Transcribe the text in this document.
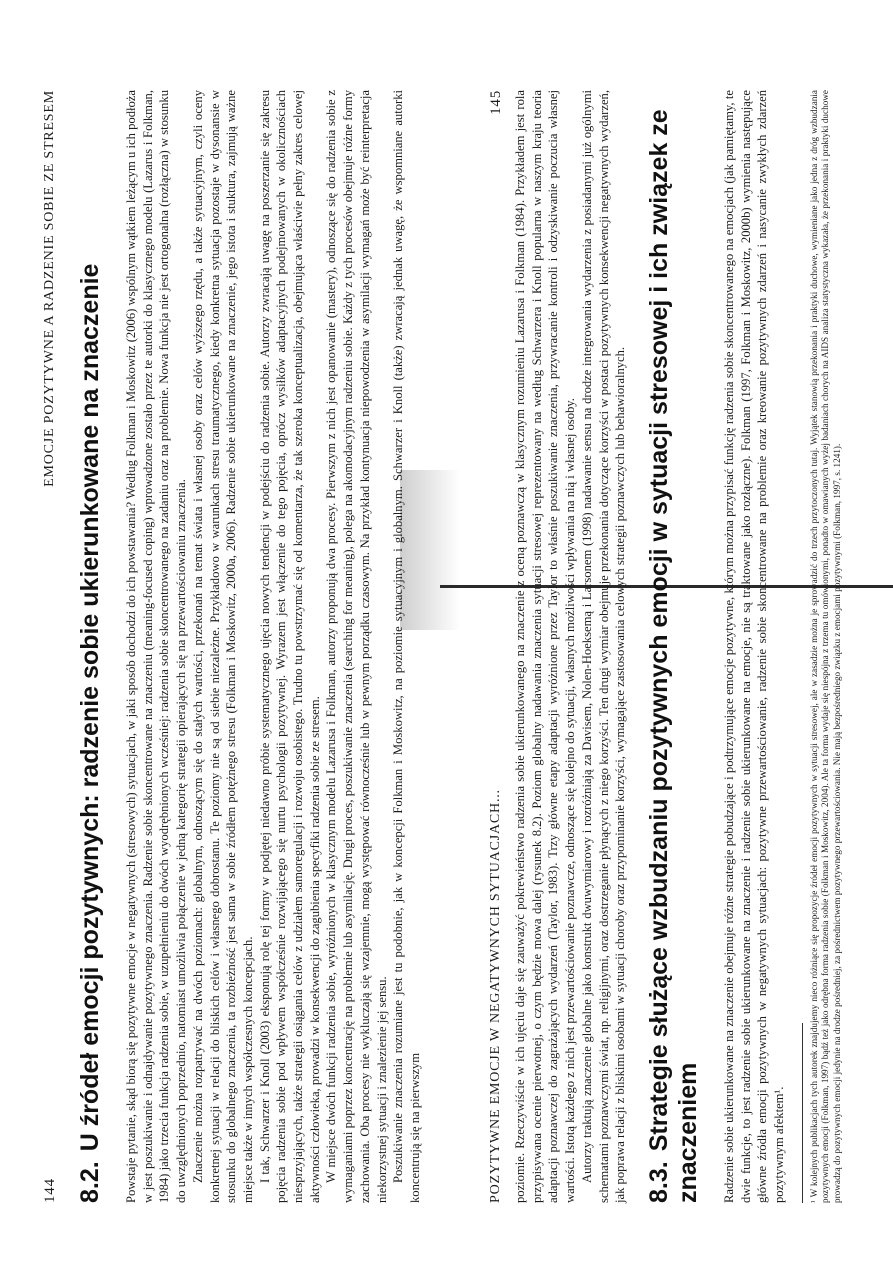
144
EMOCJE POZYTYWNE A RADZENIE SOBIE ZE STRESEM
8.2.U źródeł emocji pozytywnych: radzenie sobie ukierunkowane na znaczenie Powstaje pytanie, skąd biorą się pozytywne emocje w negatywnych (stresowych) sytuacjach, w jaki sposób dochodzi do ich powstawania? Według Folkman i Moskowitz (2006) wspólnym wątkiem leżącym u ich podłoża w jest poszukiwanie i odnajdywanie pozytywnego znaczenia. Radzenie sobie skoncentrowane na znaczeniu (meaning-focused coping) wprowadzone zostało przez te autorki do klasycznego modelu (Lazarus i Folkman, 1984) jako trzecia funkcja radzenia sobie, w uzupełnieniu do dwóch wyodrębnionych wcześniej: radzenia sobie skoncentrowanego na zadaniu oraz na problemie. Nowa funkcja nie jest ortogonalna (rozłączna) w stosunku do uwzględnionych poprzednio, natomiast umożliwia połączenie w jedną kategorię strategii opierających się na przewartościowaniu znaczenia. Znaczenie można rozpatrywać na dwóch poziomach: globalnym, odnoszącym się do stałych wartości, przekonań na temat świata i własnej osoby oraz celów wyższego rzędu, a także sytuacyjnym, czyli oceny konkretnej sytuacji w relacji do bliskich celów i własnego dobrostanu. Te poziomy nie są od siebie niezależne. Przykładowo w warunkach stresu traumatycznego, kiedy konkretna sytuacja pozostaje w dysonansie w stosunku do globalnego znaczenia, ta rozbieżność jest sama w sobie źródłem potężnego stresu (Folkman i Moskowitz, 2000a, 2006). Radzenie sobie ukierunkowane na znaczenie, jego istota i stuktura, zajmują ważne miejsce także w innych współczesnych koncepcjach. I tak, Schwarzer i Knoll (2003) eksponują rolę tej formy w podjętej niedawno próbie systematycznego ujęcia nowych tendencji w podejściu do radzenia sobie. Autorzy zwracają uwagę na poszerzanie się zakresu pojęcia radzenia sobie pod wpływem współcześnie rozwijającego się nurtu psychologii pozytywnej. Wyrazem jest włączenie do tego pojęcia, oprócz wysiłków adaptacyjnych podejmowanych w okolicznościach niesprzyjających, także strategii osiągania celów z udziałem samoregulacji i rozwoju osobistego. Trudno tu powstrzymać się od komentarza, że tak szeroka konceptualizacja, obejmująca właściwie pełny zakres celowej aktywności człowieka, prowadzi w konsekwencji do zagubienia specyfiki radzenia sobie ze stresem. W miejsce dwóch funkcji radzenia sobie, wyróżnionych w klasycznym modelu Lazarusa i Folkman, autorzy proponują dwa procesy. Pierwszym z nich jest opanowanie (mastery), odnoszące się do radzenia sobie z wymaganiami poprzez koncentrację na problemie lub asymilację. Drugi proces, poszukiwanie znaczenia (searching for meaning), polega na akomodacyjnym radzeniu sobie. Każdy z tych procesów obejmuje różne formy zachowania. Oba procesy nie wykluczają się wzajemnie, mogą występować równocześnie lub w pewnym porządku czasowym. Na przykład kontynuacja niepowodzenia w asymilacji wymagań może być reinterpretacja niekorzystnej sytuacji i znalezienie jej sensu. Poszukiwanie znaczenia rozumiane jest tu podobnie, jak w koncepcji Folkman i Moskowitz, na poziomie sytuacyjnym i globalnym. Schwarzer i Knoll (także) zwracają jednak uwagę, że wspomniane autorki koncentrują się na pierwszym	POZYTYWNE EMOCJE W NEGATYWNYCH SYTUACJACH...
145 poziomie. Rzeczywiście w ich ujęciu daje się zauważyć pokrewieństwo radzenia sobie ukierunkowanego na znaczenie z oceną poznawczą w klasycznym rozumieniu Lazarusa i Folkman (1984). Przykładem jest rola przypisywana ocenie pierwotnej, o czym będzie mowa dalej (rysunek 8.2). Poziom globalny nadawania znaczenia sytuacji stresowej reprezentowany na według Schwarzera i Knoll popularna w naszym kraju teoria adaptacji poznawczej do zagrażających wydarzeń (Taylor, 1983). Trzy główne etapy adaptacji wyróżnione przez Taylor to właśnie poszukiwanie znaczenia, przywracanie kontroli i odzyskiwanie poczucia własnej wartości. Istotą każdego z nich jest przewartościowanie poznawcze, odnoszące się kolejno do sytuacji, własnych możliwości wpływania na nią i własnej osoby. Autorzy traktują znaczenie globalne jako konstrukt dwuwymiarowy i rozróżniają za Davisem, Nolen-Hoeksemą i Larsonem (1998) nadawanie sensu na drodze integrowania wydarzenia z posiadanymi już ogólnymi schematami poznawczymi świat, np. religijnymi, oraz dostrzeganie płynących z niego korzyści. Ten drugi wymiar obejmuje przekonania dotyczące korzyści w postaci pozytywnych konsekwencji negatywnych wydarzeń, jak poprawa relacji z bliskimi osobami w sytuacji choroby oraz przypominanie korzyści, wymagające zastosowania celowych strategii poznawczych lub behawioralnych. 8.3.Strategie służące wzbudzaniu pozytywnych emocji w sytuacji stresowej i ich związek ze znaczeniem Radzenie sobie ukierunkowane na znaczenie obejmuje różne strategie pobudzające i podtrzymujące emocje pozytywne, którym można przypisać funkcję radzenia sobie skoncentrowanego na emocjach (jak pamiętamy, te dwie funkcje, to jest radzenie sobie ukierunkowane na znaczenie i radzenie sobie ukierunkowane na emocje, nie są traktowane jako rozłączne). Folkman (1997, Folkman i Moskowitz, 2000b) wymienia następujące główne źródła emocji pozytywnych w negatywnych sytuacjach: pozytywne przewartościowanie, radzenie sobie skoncentrowane na problemie oraz kreowanie pozytywnych zdarzeń i nasycanie zwykłych zdarzeń pozytywnym afektem¹. ¹ W kolejnych publikacjach tych autorek znajdujemy nieco różniące się propozycje źródeł emocji pozytywnych w sytuacji stresowej, ale w zasadzie można je sprowadzić do trzech przytoczonych tutaj. Wyjątek stanowią przekonania i praktyki duchowe, wymieniane jako jedna z dróg wzbudzania pozytywnych emocji (Folkman, 1997) bądź też jako odrębna forma radzenia sobie (Folkman i Moskowitz, 2004). Ale ta forma wydaje się niespójna z trzema tu omówionymi, ponadto w omawianych wyżej badaniach chorych na AIDS analiza statystyczna wykazała, że przekonania i praktyki duchowe prowadzą do pozytywnych emocji jedynie na drodze pośredniej, za pośrednictwem pozytywnego przewartościowania. Nie mają bezpośredniego związku z emocjami pozytywnymi (Folkman, 1997, s. 1241).
